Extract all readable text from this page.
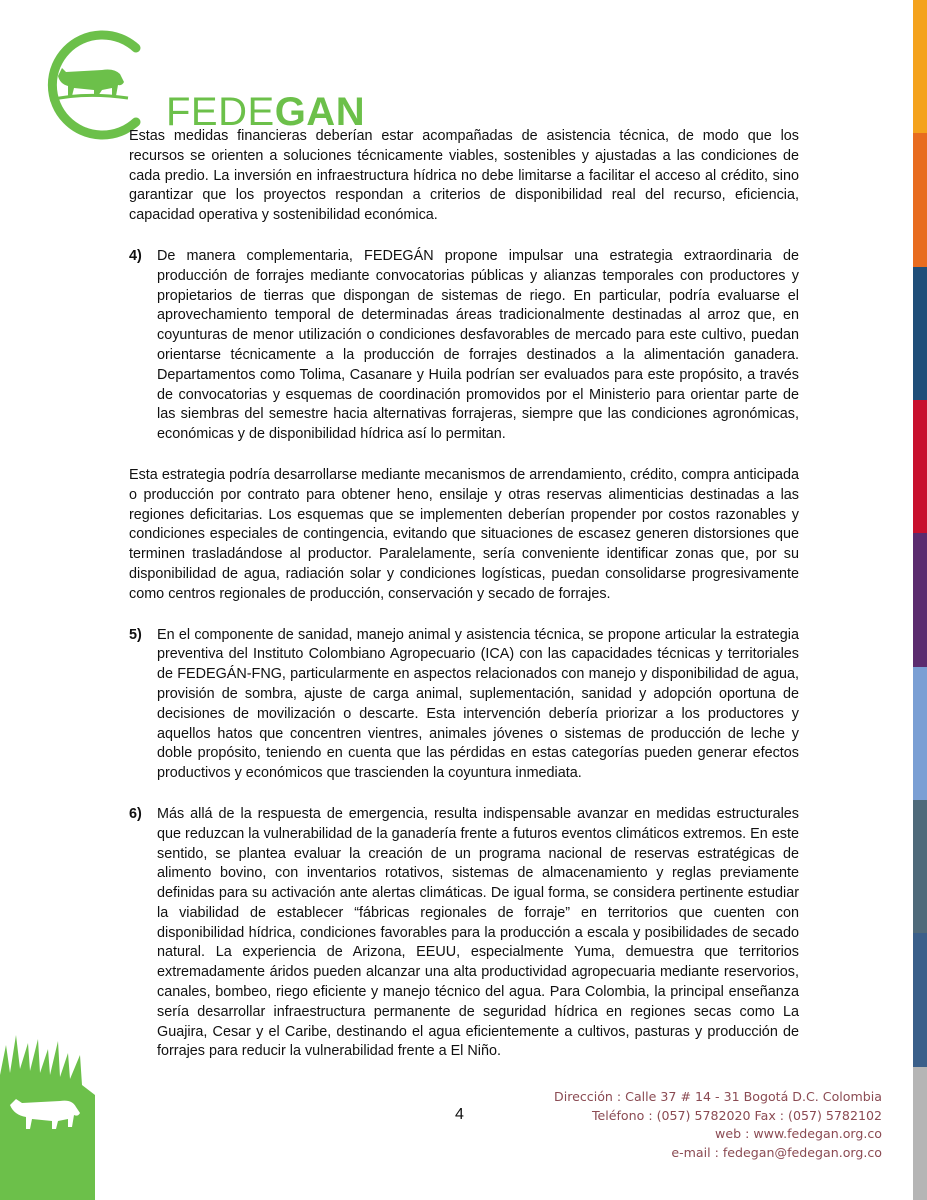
FEDEGAN

Estas medidas financieras deberían estar acompañadas de asistencia técnica, de modo que los recursos se orienten a soluciones técnicamente viables, sostenibles y ajustadas a las condiciones de cada predio. La inversión en infraestructura hídrica no debe limitarse a facilitar el acceso al crédito, sino garantizar que los proyectos respondan a criterios de disponibilidad real del recurso, eficiencia, capacidad operativa y sostenibilidad económica.

4)	De manera complementaria, FEDEGÁN propone impulsar una estrategia extraordinaria de producción de forrajes mediante convocatorias públicas y alianzas temporales con productores y propietarios de tierras que dispongan de sistemas de riego. En particular, podría evaluarse el aprovechamiento temporal de determinadas áreas tradicionalmente destinadas al arroz que, en coyunturas de menor utilización o condiciones desfavorables de mercado para este cultivo, puedan orientarse técnicamente a la producción de forrajes destinados a la alimentación ganadera. Departamentos como Tolima, Casanare y Huila podrían ser evaluados para este propósito, a través de convocatorias y esquemas de coordinación promovidos por el Ministerio para orientar parte de las siembras del semestre hacia alternativas forrajeras, siempre que las condiciones agronómicas, económicas y de disponibilidad hídrica así lo permitan.

Esta estrategia podría desarrollarse mediante mecanismos de arrendamiento, crédito, compra anticipada o producción por contrato para obtener heno, ensilaje y otras reservas alimenticias destinadas a las regiones deficitarias. Los esquemas que se implementen deberían propender por costos razonables y condiciones especiales de contingencia, evitando que situaciones de escasez generen distorsiones que terminen trasladándose al productor. Paralelamente, sería conveniente identificar zonas que, por su disponibilidad de agua, radiación solar y condiciones logísticas, puedan consolidarse progresivamente como centros regionales de producción, conservación y secado de forrajes.

5)	En el componente de sanidad, manejo animal y asistencia técnica, se propone articular la estrategia preventiva del Instituto Colombiano Agropecuario (ICA) con las capacidades técnicas y territoriales de FEDEGÁN-FNG, particularmente en aspectos relacionados con manejo y disponibilidad de agua, provisión de sombra, ajuste de carga animal, suplementación, sanidad y adopción oportuna de decisiones de movilización o descarte. Esta intervención debería priorizar a los productores y aquellos hatos que concentren vientres, animales jóvenes o sistemas de producción de leche y doble propósito, teniendo en cuenta que las pérdidas en estas categorías pueden generar efectos productivos y económicos que trascienden la coyuntura inmediata.
6)	Más allá de la respuesta de emergencia, resulta indispensable avanzar en medidas estructurales que reduzcan la vulnerabilidad de la ganadería frente a futuros eventos climáticos extremos. En este sentido, se plantea evaluar la creación de un programa nacional de reservas estratégicas de alimento bovino, con inventarios rotativos, sistemas de almacenamiento y reglas previamente definidas para su activación ante alertas climáticas. De igual forma, se considera pertinente estudiar la viabilidad de establecer “fábricas regionales de forraje” en territorios que cuenten con disponibilidad hídrica, condiciones favorables para la producción a escala y posibilidades de secado natural. La experiencia de Arizona, EEUU, especialmente Yuma, demuestra que territorios extremadamente áridos pueden alcanzar una alta productividad agropecuaria mediante reservorios, canales, bombeo, riego eficiente y manejo técnico del agua. Para Colombia, la principal enseñanza sería desarrollar infraestructura permanente de seguridad hídrica en regiones secas como La Guajira, Cesar y el Caribe, destinando el agua eficientemente a cultivos, pasturas y producción de forrajes para reducir la vulnerabilidad frente a El Niño.
4
Dirección : Calle 37 # 14 - 31 Bogotá D.C. Colombia
Teléfono : (057) 5782020 Fax : (057) 5782102
web : www.fedegan.org.co
e-mail : fedegan@fedegan.org.co
